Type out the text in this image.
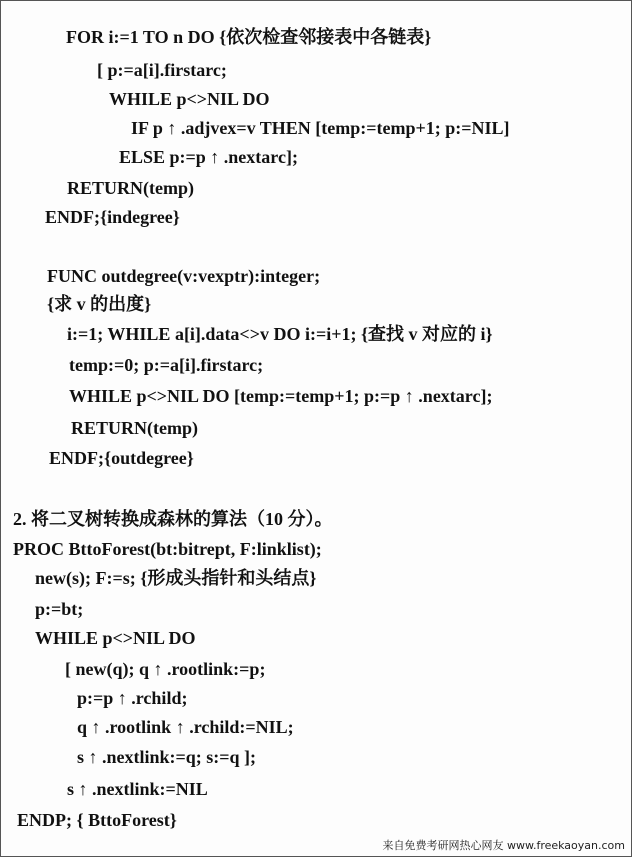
FOR i:=1 TO n DO {依次检查邻接表中各链表}
[ p:=a[i].firstarc;
WHILE p<>NIL DO
IF p ↑ .adjvex=v THEN [temp:=temp+1; p:=NIL]
ELSE p:=p ↑ .nextarc];
RETURN(temp)
ENDF;{indegree}
FUNC outdegree(v:vexptr):integer;
{求 v 的出度}
i:=1; WHILE a[i].data<>v DO i:=i+1; {查找 v 对应的 i}
temp:=0; p:=a[i].firstarc;
WHILE p<>NIL DO [temp:=temp+1; p:=p ↑ .nextarc];
RETURN(temp)
ENDF;{outdegree}
2. 将二叉树转换成森林的算法（10 分）。
PROC BttoForest(bt:bitrept, F:linklist);
new(s); F:=s; {形成头指针和头结点}
p:=bt;
WHILE p<>NIL DO
[ new(q); q ↑ .rootlink:=p;
p:=p ↑ .rchild;
q ↑ .rootlink ↑ .rchild:=NIL;
s ↑ .nextlink:=q; s:=q ];
s ↑ .nextlink:=NIL
ENDP; { BttoForest}
来自免费考研网热心网友 www.freekaoyan.com
